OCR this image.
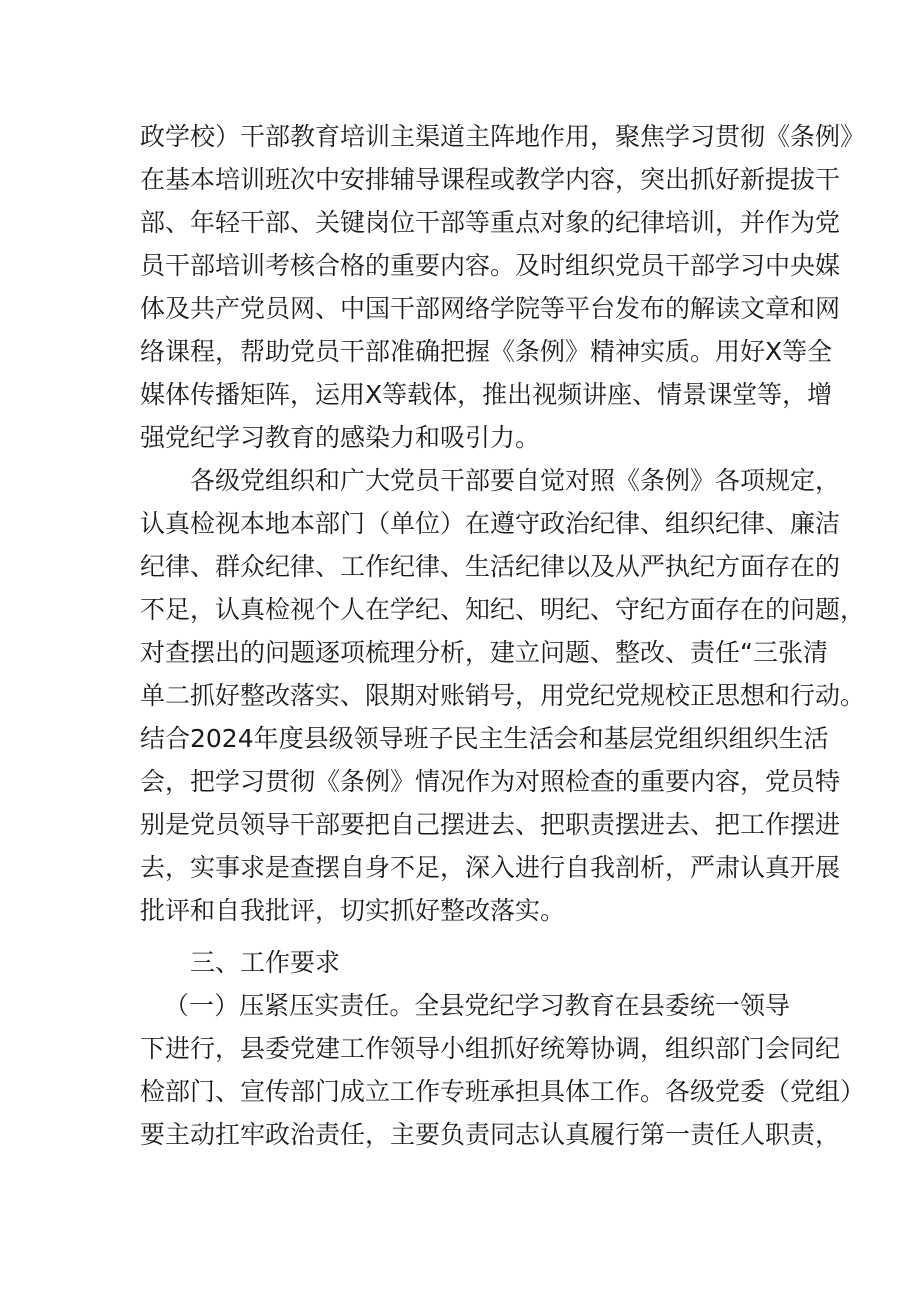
政学校）干部教育培训主渠道主阵地作用，聚焦学习贯彻《条例》
在基本培训班次中安排辅导课程或教学内容，突出抓好新提拔干
部、年轻干部、关键岗位干部等重点对象的纪律培训，并作为党
员干部培训考核合格的重要内容。及时组织党员干部学习中央媒
体及共产党员网、中国干部网络学院等平台发布的解读文章和网
络课程，帮助党员干部准确把握《条例》精神实质。用好X等全
媒体传播矩阵，运用X等载体，推出视频讲座、情景课堂等，增
强党纪学习教育的感染力和吸引力。
各级党组织和广大党员干部要自觉对照《条例》各项规定，
认真检视本地本部门（单位）在遵守政治纪律、组织纪律、廉洁
纪律、群众纪律、工作纪律、生活纪律以及从严执纪方面存在的
不足，认真检视个人在学纪、知纪、明纪、守纪方面存在的问题，
对查摆出的问题逐项梳理分析，建立问题、整改、责任“三张清
单二抓好整改落实、限期对账销号，用党纪党规校正思想和行动。
结合2024年度县级领导班子民主生活会和基层党组织组织生活
会，把学习贯彻《条例》情况作为对照检查的重要内容，党员特
别是党员领导干部要把自己摆进去、把职责摆进去、把工作摆进
去，实事求是查摆自身不足，深入进行自我剖析，严肃认真开展
批评和自我批评，切实抓好整改落实。
三、工作要求
（一）压紧压实责任。全县党纪学习教育在县委统一领导
下进行，县委党建工作领导小组抓好统筹协调，组织部门会同纪
检部门、宣传部门成立工作专班承担具体工作。各级党委（党组）
要主动扛牢政治责任，主要负责同志认真履行第一责任人职责，
